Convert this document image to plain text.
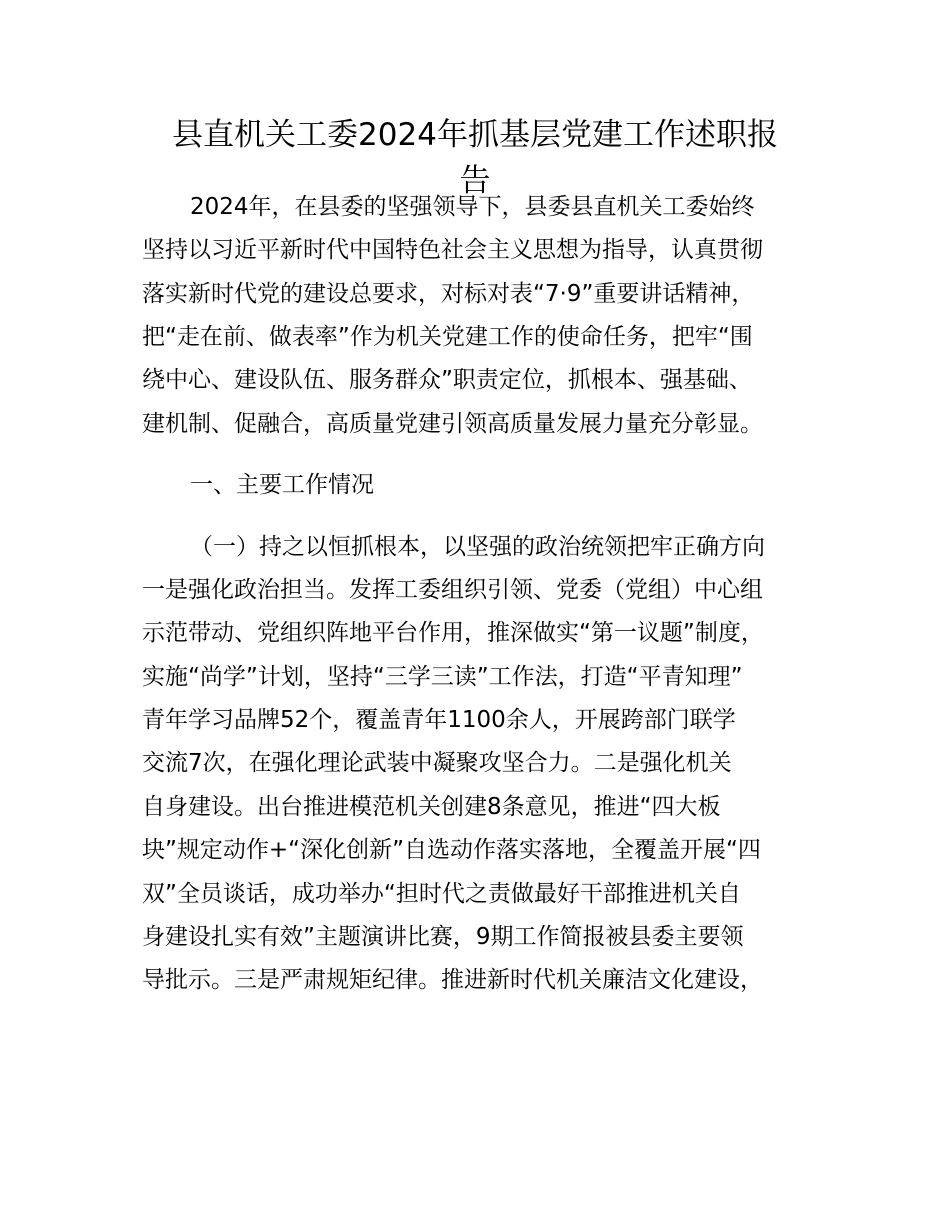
县直机关工委2024年抓基层党建工作述职报
告

2024年，在县委的坚强领导下，县委县直机关工委始终

坚持以习近平新时代中国特色社会主义思想为指导，认真贯彻

落实新时代党的建设总要求，对标对表“7·9”重要讲话精神，

把“走在前、做表率”作为机关党建工作的使命任务，把牢“围

绕中心、建设队伍、服务群众”职责定位，抓根本、强基础、

建机制、促融合，高质量党建引领高质量发展力量充分彰显。

一、主要工作情况

（一）持之以恒抓根本，以坚强的政治统领把牢正确方向

一是强化政治担当。发挥工委组织引领、党委（党组）中心组

示范带动、党组织阵地平台作用，推深做实“第一议题”制度，

实施“尚学”计划，坚持“三学三读”工作法，打造“平青知理”

青年学习品牌52个，覆盖青年1100余人，开展跨部门联学

交流7次，在强化理论武装中凝聚攻坚合力。二是强化机关

自身建设。出台推进模范机关创建8条意见，推进“四大板

块”规定动作+“深化创新”自选动作落实落地，全覆盖开展“四

双”全员谈话，成功举办“担时代之责做最好干部推进机关自

身建设扎实有效”主题演讲比赛，9期工作简报被县委主要领

导批示。三是严肃规矩纪律。推进新时代机关廉洁文化建设，
